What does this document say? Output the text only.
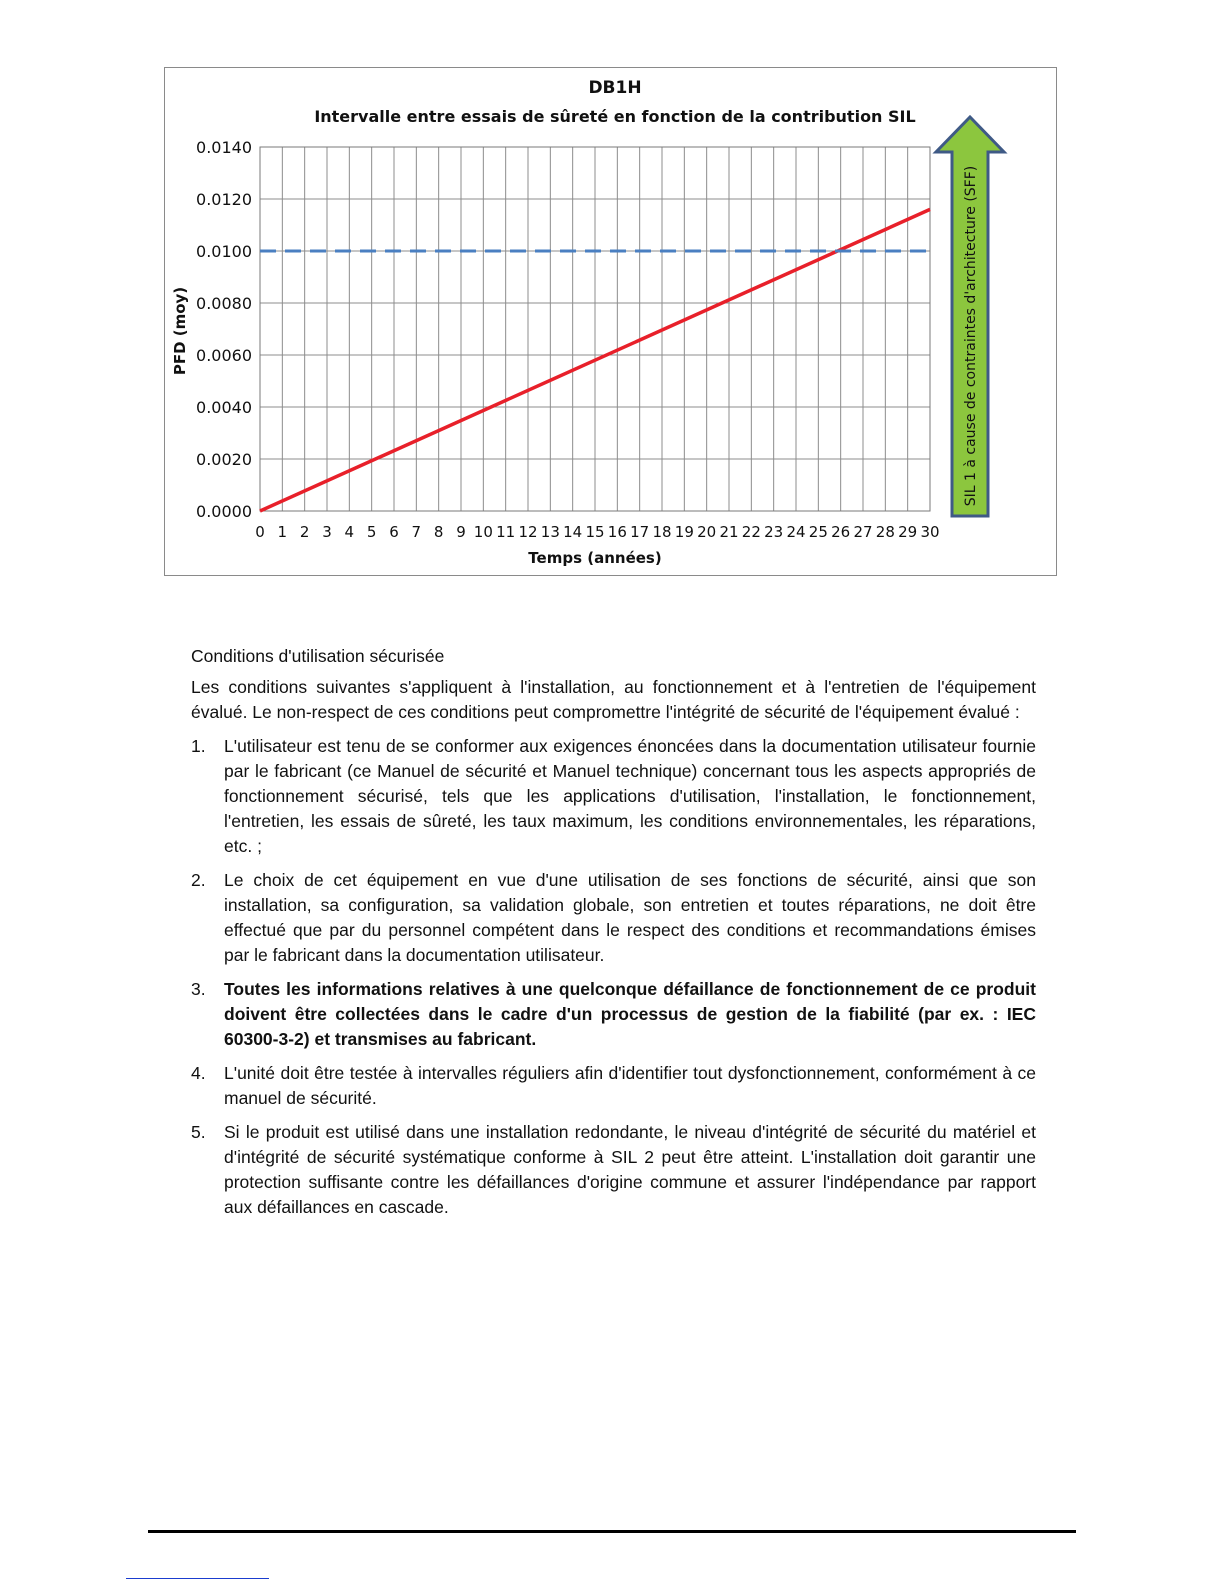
DB1H
Intervalle entre essais de sûreté en fonction de la contribution SIL
0.0000
0.0020
0.0040
0.0060
0.0080
0.0100
0.0120
0.0140
0 1 2 3 4 5 6 7 8 9 10 11 12 13 14 15 16 17 18 19 20 21 22 23 24 25 26 27 28 29 30
Temps (années)
PFD (moy)	SIL 1 à cause de contraintes d'architecture (SFF)
Conditions d'utilisation sécurisée

Les conditions suivantes s'appliquent à l'installation, au fonctionnement et à l'entretien de l'équipement évalué. Le non-respect de ces conditions peut compromettre l'intégrité de sécurité de l'équipement évalué :

1. L'utilisateur est tenu de se conformer aux exigences énoncées dans la documentation utilisateur fournie par le fabricant (ce Manuel de sécurité et Manuel technique) concernant tous les aspects appropriés de fonctionnement sécurisé, tels que les applications d'utilisation, l'installation, le fonctionnement, l'entretien, les essais de sûreté, les taux maximum, les conditions environnementales, les réparations, etc. ;
2. Le choix de cet équipement en vue d'une utilisation de ses fonctions de sécurité, ainsi que son installation, sa configuration, sa validation globale, son entretien et toutes réparations, ne doit être effectué que par du personnel compétent dans le respect des conditions et recommandations émises par le fabricant dans la documentation utilisateur.
3. Toutes les informations relatives à une quelconque défaillance de fonctionnement de ce produit doivent être collectées dans le cadre d'un processus de gestion de la fiabilité (par ex. : IEC 60300-3-2) et transmises au fabricant.
4. L'unité doit être testée à intervalles réguliers afin d'identifier tout dysfonctionnement, conformément à ce manuel de sécurité.
5. Si le produit est utilisé dans une installation redondante, le niveau d'intégrité de sécurité du matériel et d'intégrité de sécurité systématique conforme à SIL 2 peut être atteint. L'installation doit garantir une protection suffisante contre les défaillances d'origine commune et assurer l'indépendance par rapport aux défaillances en cascade.
